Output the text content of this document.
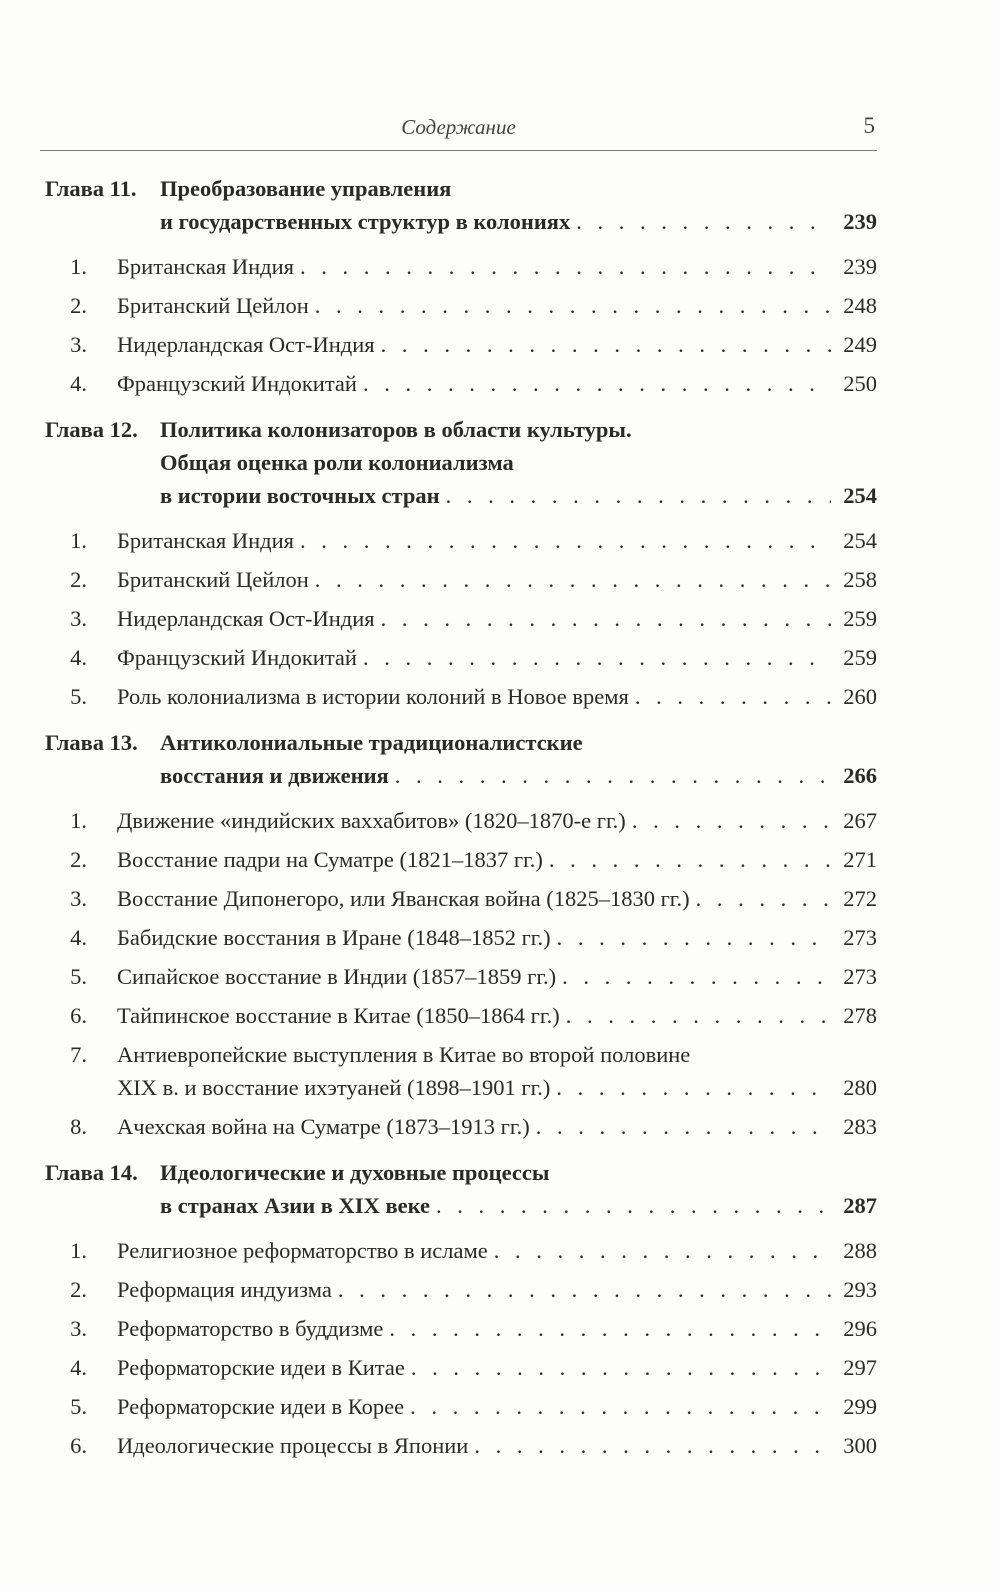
Содержание	5
Глава 11.	Преобразование управления
и государственных структур в колониях . . .	239
1.	Британская Индия . . .	239
2.	Британский Цейлон . . .	248
3.	Нидерландская Ост-Индия . . .	249
4.	Французский Индокитай . . .	250
Глава 12. Политика колонизаторов в области культуры.
Общая оценка роли колониализма
в истории восточных стран . . .	254
1.	Британская Индия . . .	254
2.	Британский Цейлон . . .	258
3.	Нидерландская Ост-Индия . . .	259
4.	Французский Индокитай . . .	259
5.	Роль колониализма в истории колоний в Новое время . . .	260
Глава 13. Антиколониальные традиционалистские
восстания и движения . . .	266
1.	Движение «индийских ваххабитов» (1820–1870-е гг.) . . .	267
2.	Восстание падри на Суматре (1821–1837 гг.) . . .	271
3.	Восстание Дипонегоро, или Яванская война (1825–1830 гг.) . . .	272
4.	Бабидские восстания в Иране (1848–1852 гг.) . . .	273
5.	Сипайское восстание в Индии (1857–1859 гг.) . . .	273
6.	Тайпинское восстание в Китае (1850–1864 гг.) . . .	278
7.	Антиевропейские выступления в Китае во второй половине
XIX в. и восстание ихэтуаней (1898–1901 гг.) . . .	280
8.	Ачехская война на Суматре (1873–1913 гг.) . . .	283
Глава 14. Идеологические и духовные процессы
в странах Азии в XIX веке . . .	287
1.	Религиозное реформаторство в исламе . . .	288
2.	Реформация индуизма . . .	293
3.	Реформаторство в буддизме . . .	296
4.	Реформаторские идеи в Китае . . .	297
5.	Реформаторские идеи в Корее . . .	299
6.	Идеологические процессы в Японии . . .	300
